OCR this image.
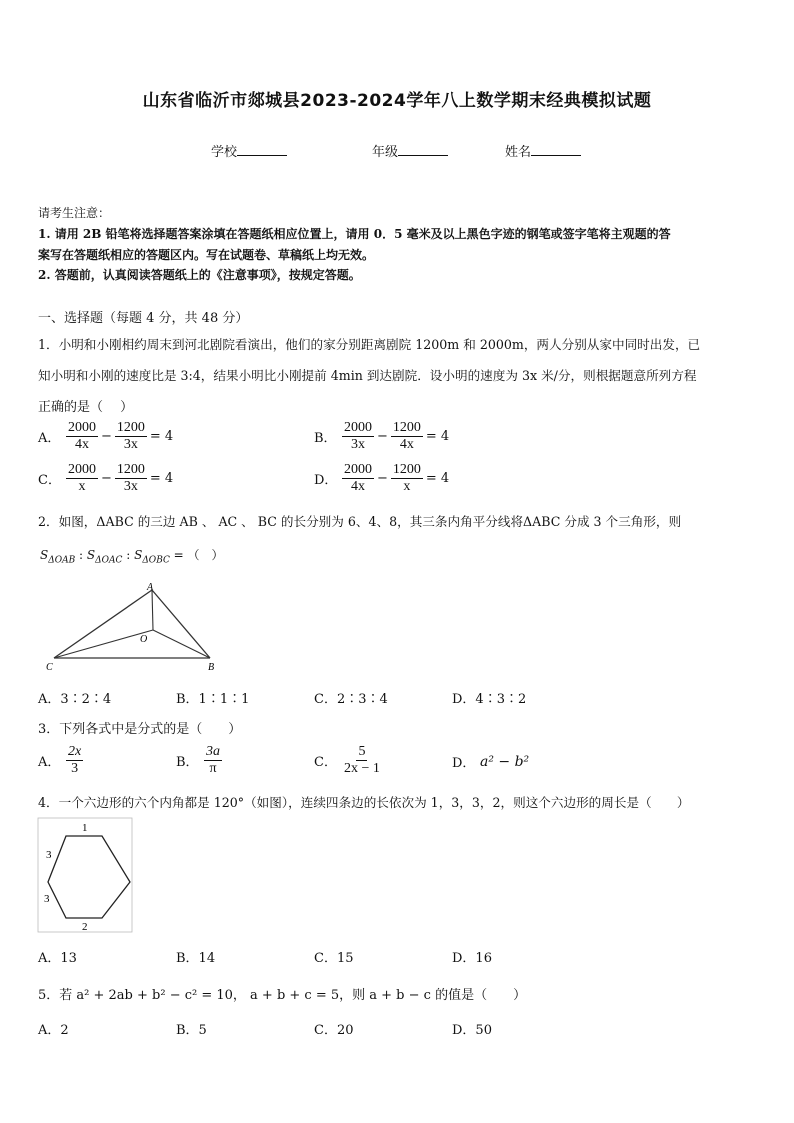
山东省临沂市郯城县2023-2024学年八上数学期末经典模拟试题
学校	年级	姓名
请考生注意：
1. 请用 2B 铅笔将选择题答案涂填在答题纸相应位置上，请用 0．5 毫米及以上黑色字迹的钢笔或签字笔将主观题的答
案写在答题纸相应的答题区内。写在试题卷、草稿纸上均无效。
2. 答题前，认真阅读答题纸上的《注意事项》，按规定答题。
一、选择题（每题 4 分，共 48 分）
1．小明和小刚相约周末到河北剧院看演出，他们的家分别距离剧院 1200m 和 2000m，两人分别从家中同时出发，已
知小明和小刚的速度比是 3:4，结果小明比小刚提前 4min 到达剧院．设小明的速度为 3x 米/分，则根据题意所列方程
正确的是（　 ）
A． $\frac{2000}{4x} - \frac{1200}{3x} = 4$	B． $\frac{2000}{3x} - \frac{1200}{4x} = 4$
C． $\frac{2000}{x} - \frac{1200}{3x} = 4$	D． $\frac{2000}{4x} - \frac{1200}{x} = 4$
2．如图，ΔABC 的三边 AB 、 AC 、 BC 的长分别为 6、4、8，其三条内角平分线将ΔABC 分成 3 个三角形，则
$S_{\Delta OAB}$ : $S_{\Delta OAC}$ : $S_{\Delta OBC}$ = （　）
A
B
C
O
A．3∶2∶4	B．1∶1∶1	C．2∶3∶4	D．4∶3∶2
3．下列各式中是分式的是（　　）
A． $\frac{2x}{3}$	B． $\frac{3a}{\pi}$	C． $\frac{5}{2x - 1}$	D． a² − b²
4．一个六边形的六个内角都是 120°（如图），连续四条边的长依次为 1，3，3，2，则这个六边形的周长是（　　）
1
3
3
2
A．13	B．14	C．15	D．16
5．若 a² + 2ab + b² − c² = 10， a + b + c = 5，则 a + b − c 的值是（　　）
A．2	B．5	C．20	D．50
